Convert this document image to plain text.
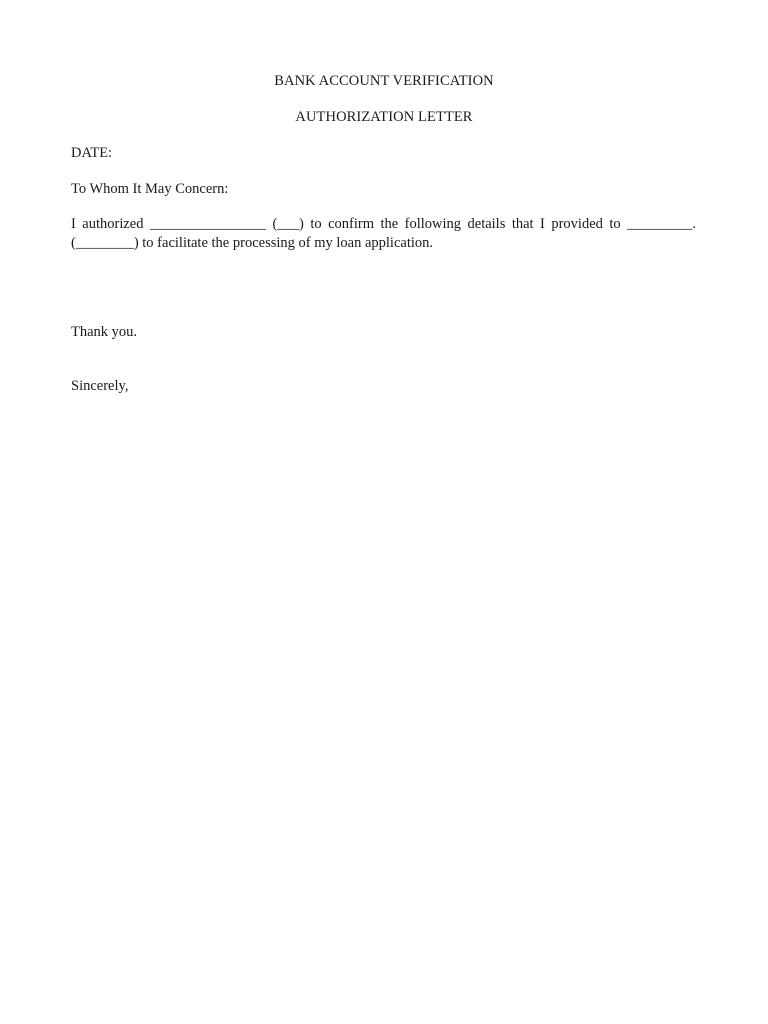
BANK ACCOUNT VERIFICATION
AUTHORIZATION LETTER
DATE:
To Whom It May Concern:
I authorized ________________ (___) to confirm the following details that I provided to _________.
(________) to facilitate the processing of my loan application.
Thank you.
Sincerely,
